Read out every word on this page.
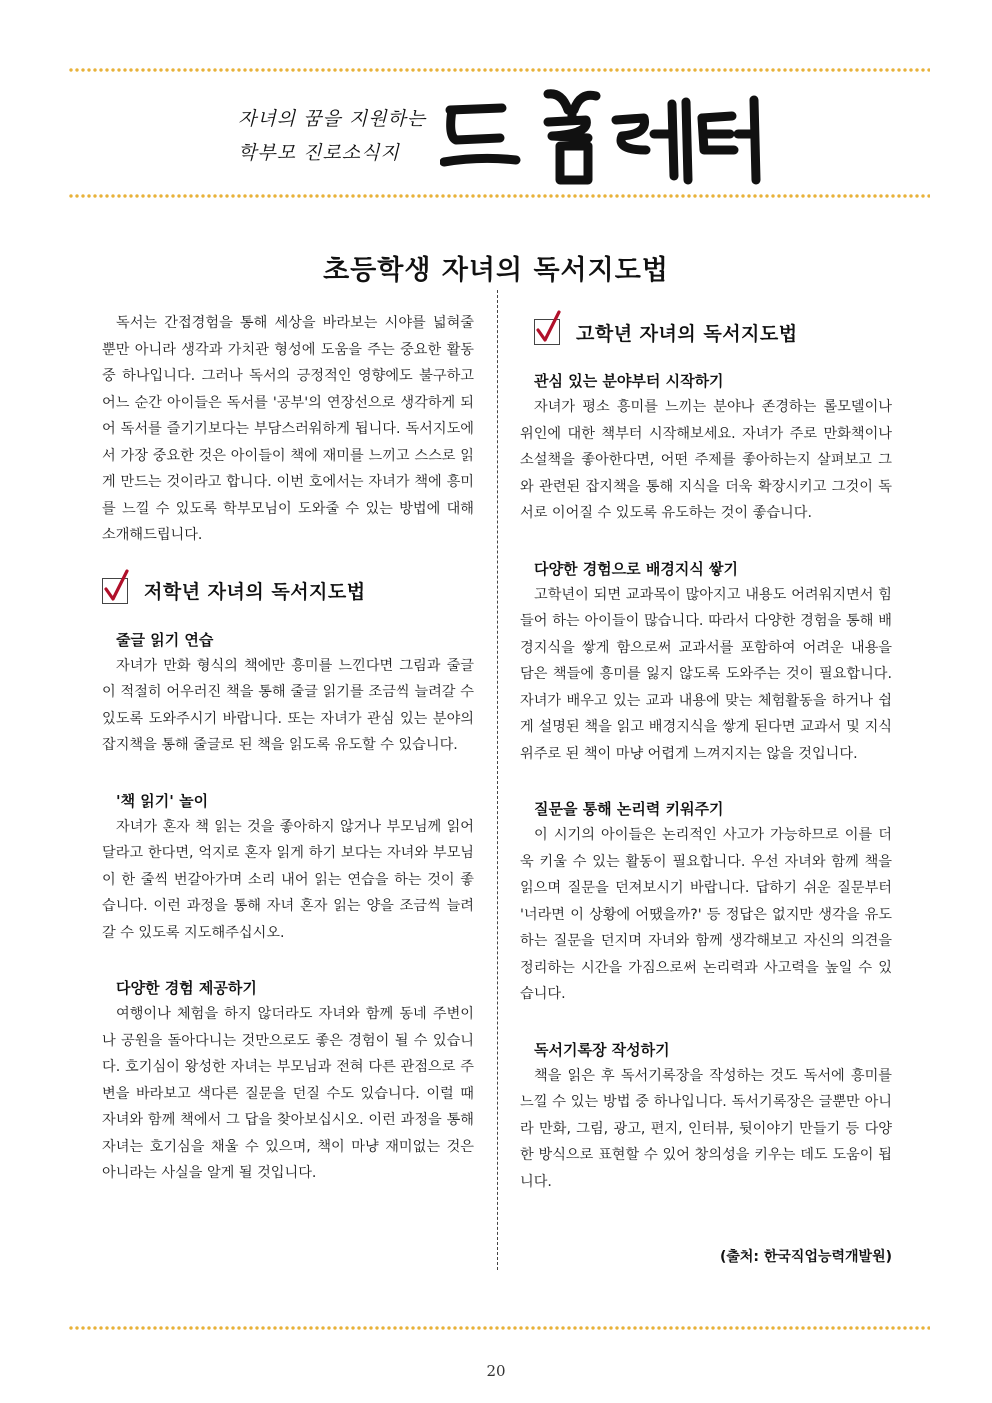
자녀의 꿈을 지원하는
학부모 진로소식지
초등학생 자녀의 독서지도법

독서는 간접경험을 통해 세상을 바라보는 시야를 넓혀줄 뿐만 아니라 생각과 가치관 형성에 도움을 주는 중요한 활동 중 하나입니다. 그러나 독서의 긍정적인 영향에도 불구하고 어느 순간 아이들은 독서를 '공부'의 연장선으로 생각하게 되어 독서를 즐기기보다는 부담스러워하게 됩니다. 독서지도에서 가장 중요한 것은 아이들이 책에 재미를 느끼고 스스로 읽게 만드는 것이라고 합니다. 이번 호에서는 자녀가 책에 흥미를 느낄 수 있도록 학부모님이 도와줄 수 있는 방법에 대해 소개해드립니다.

저학년 자녀의 독서지도법

줄글 읽기 연습

자녀가 만화 형식의 책에만 흥미를 느낀다면 그림과 줄글이 적절히 어우러진 책을 통해 줄글 읽기를 조금씩 늘려갈 수 있도록 도와주시기 바랍니다. 또는 자녀가 관심 있는 분야의 잡지책을 통해 줄글로 된 책을 읽도록 유도할 수 있습니다.

'책 읽기' 놀이

자녀가 혼자 책 읽는 것을 좋아하지 않거나 부모님께 읽어달라고 한다면, 억지로 혼자 읽게 하기 보다는 자녀와 부모님이 한 줄씩 번갈아가며 소리 내어 읽는 연습을 하는 것이 좋습니다. 이런 과정을 통해 자녀 혼자 읽는 양을 조금씩 늘려갈 수 있도록 지도해주십시오.

다양한 경험 제공하기

여행이나 체험을 하지 않더라도 자녀와 함께 동네 주변이나 공원을 돌아다니는 것만으로도 좋은 경험이 될 수 있습니다. 호기심이 왕성한 자녀는 부모님과 전혀 다른 관점으로 주변을 바라보고 색다른 질문을 던질 수도 있습니다. 이럴 때 자녀와 함께 책에서 그 답을 찾아보십시오. 이런 과정을 통해 자녀는 호기심을 채울 수 있으며, 책이 마냥 재미없는 것은 아니라는 사실을 알게 될 것입니다.

고학년 자녀의 독서지도법

관심 있는 분야부터 시작하기

자녀가 평소 흥미를 느끼는 분야나 존경하는 롤모델이나 위인에 대한 책부터 시작해보세요. 자녀가 주로 만화책이나 소설책을 좋아한다면, 어떤 주제를 좋아하는지 살펴보고 그와 관련된 잡지책을 통해 지식을 더욱 확장시키고 그것이 독서로 이어질 수 있도록 유도하는 것이 좋습니다.

다양한 경험으로 배경지식 쌓기

고학년이 되면 교과목이 많아지고 내용도 어려워지면서 힘들어 하는 아이들이 많습니다. 따라서 다양한 경험을 통해 배경지식을 쌓게 함으로써 교과서를 포함하여 어려운 내용을 담은 책들에 흥미를 잃지 않도록 도와주는 것이 필요합니다. 자녀가 배우고 있는 교과 내용에 맞는 체험활동을 하거나 쉽게 설명된 책을 읽고 배경지식을 쌓게 된다면 교과서 및 지식 위주로 된 책이 마냥 어렵게 느껴지지는 않을 것입니다.

질문을 통해 논리력 키워주기

이 시기의 아이들은 논리적인 사고가 가능하므로 이를 더욱 키울 수 있는 활동이 필요합니다. 우선 자녀와 함께 책을 읽으며 질문을 던져보시기 바랍니다. 답하기 쉬운 질문부터 '너라면 이 상황에 어땠을까?' 등 정답은 없지만 생각을 유도하는 질문을 던지며 자녀와 함께 생각해보고 자신의 의견을 정리하는 시간을 가짐으로써 논리력과 사고력을 높일 수 있습니다.

독서기록장 작성하기

책을 읽은 후 독서기록장을 작성하는 것도 독서에 흥미를 느낄 수 있는 방법 중 하나입니다. 독서기록장은 글뿐만 아니라 만화, 그림, 광고, 편지, 인터뷰, 뒷이야기 만들기 등 다양한 방식으로 표현할 수 있어 창의성을 키우는 데도 도움이 됩니다.

(출처: 한국직업능력개발원)
20
